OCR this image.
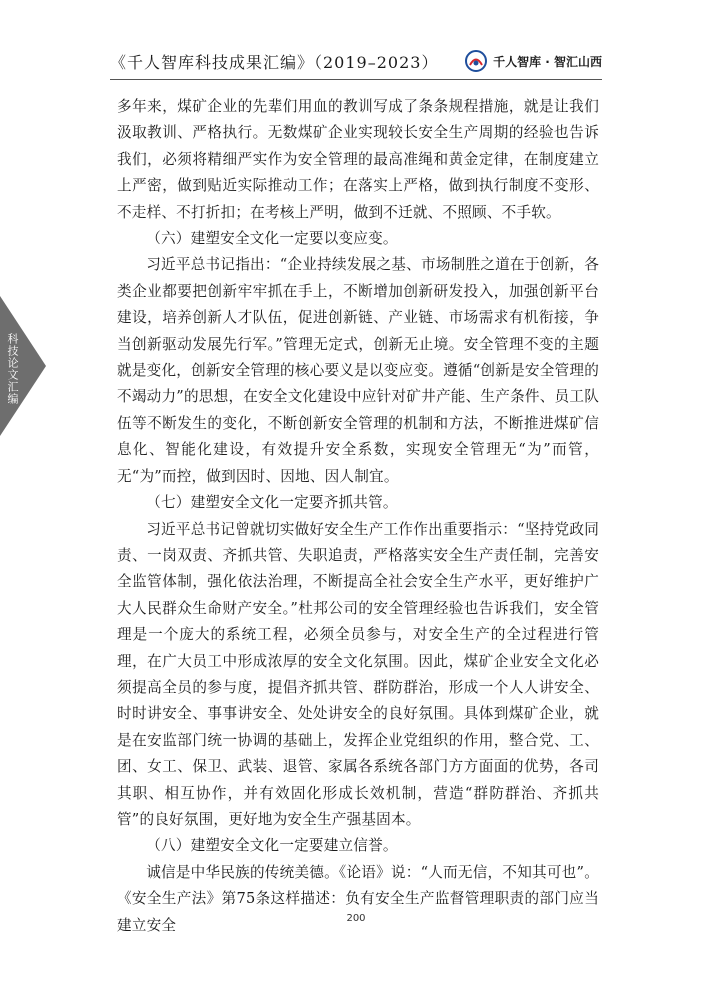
《千人智库科技成果汇编》（2019–2023）	千人智库 · 智汇山西
科技论文汇编

多年来，煤矿企业的先辈们用血的教训写成了条条规程措施，就是让我们汲取教训、严格执行。无数煤矿企业实现较长安全生产周期的经验也告诉我们，必须将精细严实作为安全管理的最高准绳和黄金定律，在制度建立上严密，做到贴近实际推动工作；在落实上严格，做到执行制度不变形、不走样、不打折扣；在考核上严明，做到不迁就、不照顾、不手软。

（六）建塑安全文化一定要以变应变。

习近平总书记指出：“企业持续发展之基、市场制胜之道在于创新，各类企业都要把创新牢牢抓在手上，不断增加创新研发投入，加强创新平台建设，培养创新人才队伍，促进创新链、产业链、市场需求有机衔接，争当创新驱动发展先行军。”管理无定式，创新无止境。安全管理不变的主题就是变化，创新安全管理的核心要义是以变应变。遵循“创新是安全管理的不竭动力”的思想，在安全文化建设中应针对矿井产能、生产条件、员工队伍等不断发生的变化，不断创新安全管理的机制和方法，不断推进煤矿信息化、智能化建设，有效提升安全系数，实现安全管理无“为”而管，无“为”而控，做到因时、因地、因人制宜。

（七）建塑安全文化一定要齐抓共管。

习近平总书记曾就切实做好安全生产工作作出重要指示：“坚持党政同责、一岗双责、齐抓共管、失职追责，严格落实安全生产责任制，完善安全监管体制，强化依法治理，不断提高全社会安全生产水平，更好维护广大人民群众生命财产安全。”杜邦公司的安全管理经验也告诉我们，安全管理是一个庞大的系统工程，必须全员参与，对安全生产的全过程进行管理，在广大员工中形成浓厚的安全文化氛围。因此，煤矿企业安全文化必须提高全员的参与度，提倡齐抓共管、群防群治，形成一个人人讲安全、时时讲安全、事事讲安全、处处讲安全的良好氛围。具体到煤矿企业，就是在安监部门统一协调的基础上，发挥企业党组织的作用，整合党、工、团、女工、保卫、武装、退管、家属各系统各部门方方面面的优势，各司其职、相互协作，并有效固化形成长效机制，营造“群防群治、齐抓共管”的良好氛围，更好地为安全生产强基固本。

（八）建塑安全文化一定要建立信誉。

诚信是中华民族的传统美德。《论语》说：“人而无信，不知其可也”。《安全生产法》第75条这样描述：负有安全生产监督管理职责的部门应当建立安全	200
